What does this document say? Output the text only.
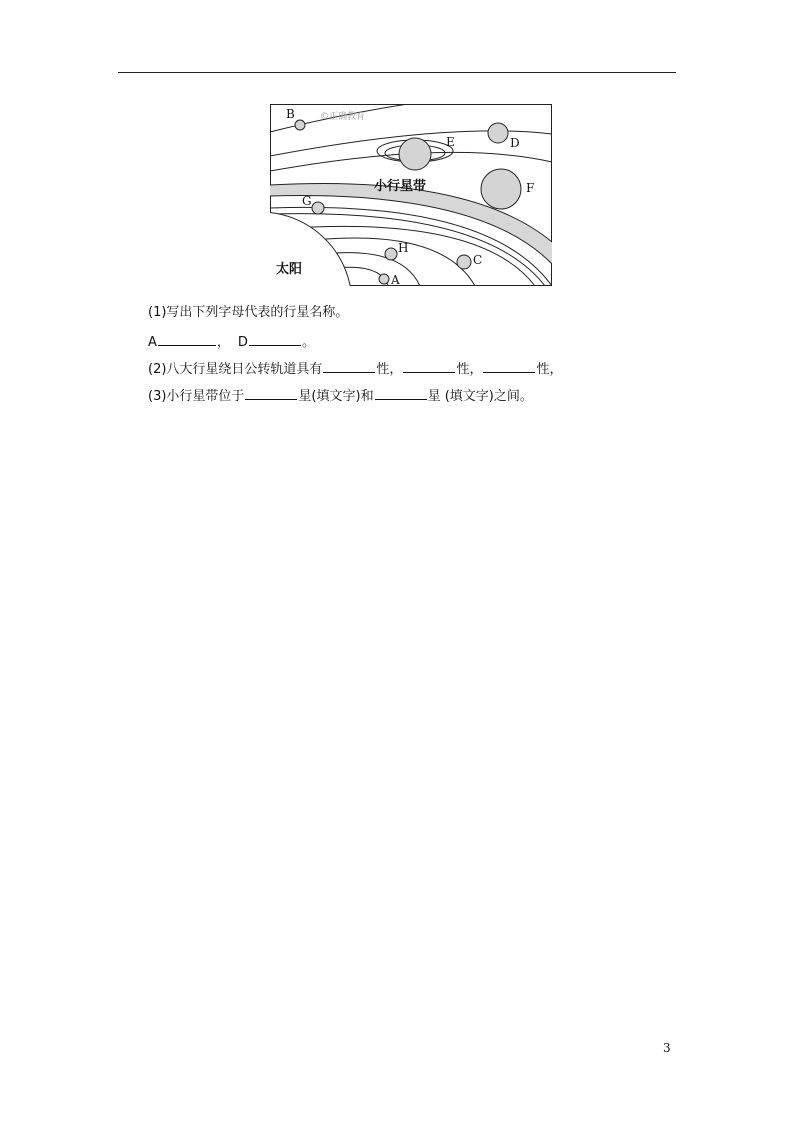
©正确教育
B
E	D
F
G
H
C
A
小行星带
太阳
(1)写出下列字母代表的行星名称。
A	， D	。
(2)八大行星绕日公转轨道具有	性，	性，	性，
(3)小行星带位于	星(填文字)和	星 (填文字)之间。
3
